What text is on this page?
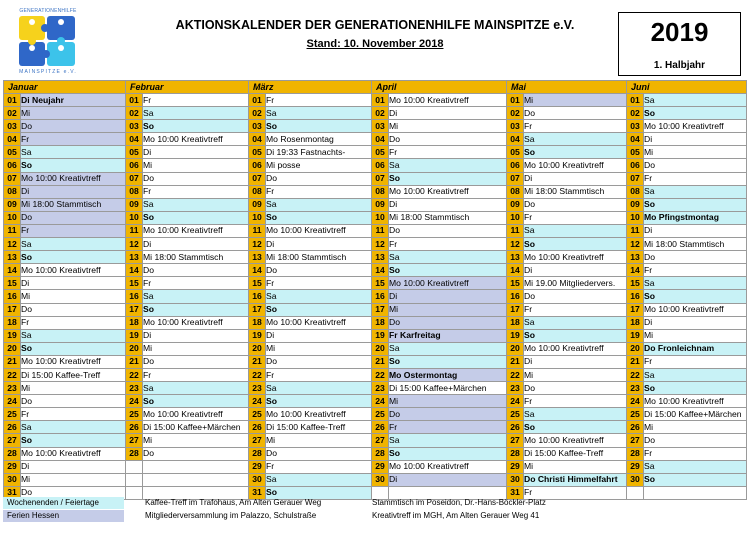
GENERATIONENHILFE
MAINSPITZE e.V.
AKTIONSKALENDER DER GENERATIONENHILFE MAINSPITZE e.V.
Stand: 10. November 2018	2019
1. Halbjahr
Januar		Februar		März		April		Mai		Juni	
01	Di Neujahr	01	Fr	01	Fr	01	Mo 10:00 Kreativtreff	01	Mi	01	Sa
02	Mi	02	Sa	02	Sa	02	Di	02	Do	02	So
03	Do	03	So	03	So	03	Mi	03	Fr	03	Mo 10:00 Kreativtreff
04	Fr	04	Mo 10:00 Kreativtreff	04	Mo Rosenmontag	04	Do	04	Sa	04	Di
05	Sa	05	Di	05	Di 19:33 Fastnachts-	05	Fr	05	So	05	Mi
06	So	06	Mi	06	Mi posse	06	Sa	06	Mo 10:00 Kreativtreff	06	Do
07	Mo 10:00 Kreativtreff	07	Do	07	Do	07	So	07	Di	07	Fr
08	Di	08	Fr	08	Fr	08	Mo 10:00 Kreativtreff	08	Mi 18:00 Stammtisch	08	Sa
09	Mi 18:00 Stammtisch	09	Sa	09	Sa	09	Di	09	Do	09	So
10	Do	10	So	10	So	10	Mi 18:00 Stammtisch	10	Fr	10	Mo Pfingstmontag
11	Fr	11	Mo 10:00 Kreativtreff	11	Mo 10:00 Kreativtreff	11	Do	11	Sa	11	Di
12	Sa	12	Di	12	Di	12	Fr	12	So	12	Mi 18:00 Stammtisch
13	So	13	Mi 18:00 Stammtisch	13	Mi 18:00 Stammtisch	13	Sa	13	Mo 10:00 Kreativtreff	13	Do
14	Mo 10:00 Kreativtreff	14	Do	14	Do	14	So	14	Di	14	Fr
15	Di	15	Fr	15	Fr	15	Mo 10:00 Kreativtreff	15	Mi 19.00 Mitgliedervers.	15	Sa
16	Mi	16	Sa	16	Sa	16	Di	16	Do	16	So
17	Do	17	So	17	So	17	Mi	17	Fr	17	Mo 10:00 Kreativtreff
18	Fr	18	Mo 10:00 Kreativtreff	18	Mo 10:00 Kreativtreff	18	Do	18	Sa	18	Di
19	Sa	19	Di	19	Di	19	Fr Karfreitag	19	So	19	Mi
20	So	20	Mi	20	Mi	20	Sa	20	Mo 10:00 Kreativtreff	20	Do Fronleichnam
21	Mo 10:00 Kreativtreff	21	Do	21	Do	21	So	21	Di	21	Fr
22	Di 15:00 Kaffee-Treff	22	Fr	22	Fr	22	Mo Ostermontag	22	Mi	22	Sa
23	Mi	23	Sa	23	Sa	23	Di 15:00 Kaffee+Märchen	23	Do	23	So
24	Do	24	So	24	So	24	Mi	24	Fr	24	Mo 10:00 Kreativtreff
25	Fr	25	Mo 10:00 Kreativtreff	25	Mo 10:00 Kreativtreff	25	Do	25	Sa	25	Di 15:00 Kaffee+Märchen
26	Sa	26	Di 15:00 Kaffee+Märchen	26	Di 15:00 Kaffee-Treff	26	Fr	26	So	26	Mi
27	So	27	Mi	27	Mi	27	Sa	27	Mo 10:00 Kreativtreff	27	Do
28	Mo 10:00 Kreativtreff	28	Do	28	Do	28	So	28	Di 15:00 Kaffee-Treff	28	Fr
29	Di			29	Fr	29	Mo 10:00 Kreativtreff	29	Mi	29	Sa
30	Mi			30	Sa	30	Di	30	Do Christi Himmelfahrt	30	So
31	Do			31	So			31	Fr		
Wochenenden / Feiertage
Ferien Hessen
Kaffee-Treff im Trafohaus, Am Alten Gerauer Weg
Mitgliederversammlung im Palazzo, Schulstraße
Stammtisch im Poseidon, Dr.-Hans-Böckler-Platz
Kreativtreff im MGH, Am Alten Gerauer Weg 41
